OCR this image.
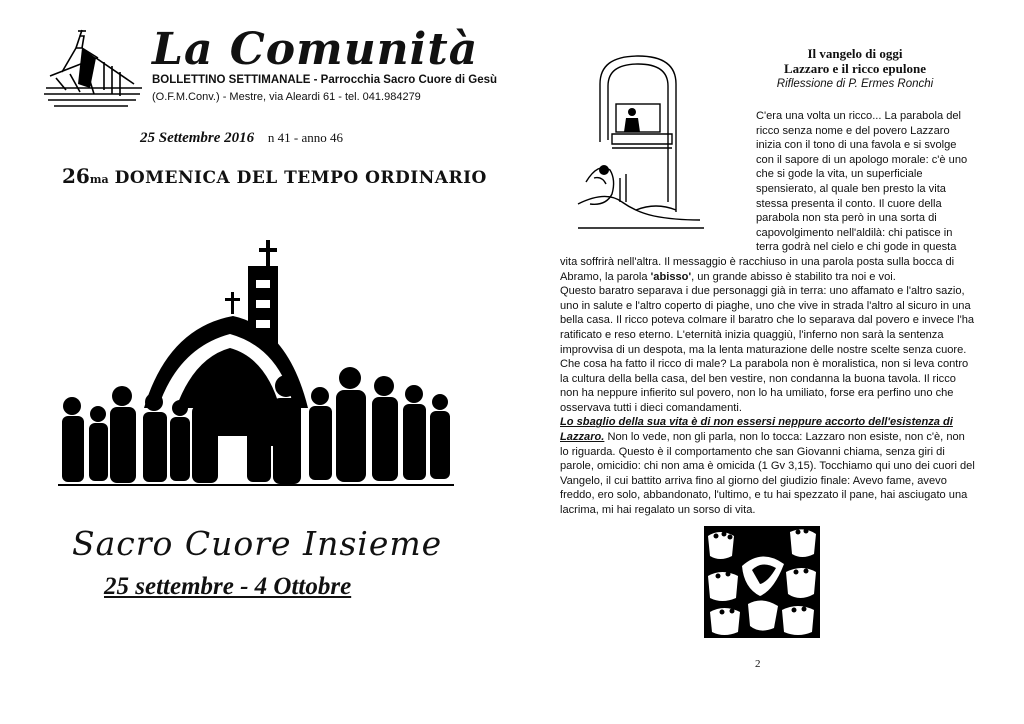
La Comunità
BOLLETTINO SETTIMANALE - Parrocchia Sacro Cuore di Gesù
(O.F.M.Conv.) - Mestre, via Aleardi 61 - tel. 041.984279
25 Settembre 2016 n 41 - anno 46
26ma DOMENICA DEL TEMPO ORDINARIO
Sacro Cuore Insieme
25 settembre - 4 Ottobre
Il vangelo di oggi
Lazzaro e il ricco epulone
Riflessione di P. Ermes Ronchi

C'era una volta un ricco... La parabola del ricco senza nome e del povero Lazzaro inizia con il tono di una favola e si svolge con il sapore di un apologo morale: c'è uno che si gode la vita, un superficiale spensierato, al quale ben presto la vita stessa presenta il conto. Il cuore della parabola non sta però in una sorta di capovolgimento nell'aldilà: chi patisce in terra godrà nel cielo e chi gode in questa vita soffrirà nell'altra. Il messaggio è racchiuso in una parola posta sulla bocca di Abramo, la parola 'abisso', un grande abisso è stabilito tra noi e voi.

Questo baratro separava i due personaggi già in terra: uno affamato e l'altro sazio, uno in salute e l'altro coperto di piaghe, uno che vive in strada l'altro al sicuro in una bella casa. Il ricco poteva colmare il baratro che lo separava dal povero e invece l'ha ratificato e reso eterno. L'eternità inizia quaggiù, l'inferno non sarà la sentenza improvvisa di un despota, ma la lenta maturazione delle nostre scelte senza cuore.

Che cosa ha fatto il ricco di male? La parabola non è moralistica, non si leva contro la cultura della bella casa, del ben vestire, non condanna la buona tavola. Il ricco non ha neppure infierito sul povero, non lo ha umiliato, forse era perfino uno che osservava tutti i dieci comandamenti.

Lo sbaglio della sua vita è di non essersi neppure accorto dell'esistenza di Lazzaro. Non lo vede, non gli parla, non lo tocca: Lazzaro non esiste, non c'è, non lo riguarda. Questo è il comportamento che san Giovanni chiama, senza giri di parole, omicidio: chi non ama è omicida (1 Gv 3,15). Tocchiamo qui uno dei cuori del Vangelo, il cui battito arriva fino al giorno del giudizio finale: Avevo fame, avevo freddo, ero solo, abbandonato, l'ultimo, e tu hai spezzato il pane, hai asciugato una lacrima, mi hai regalato un sorso di vita.

2
